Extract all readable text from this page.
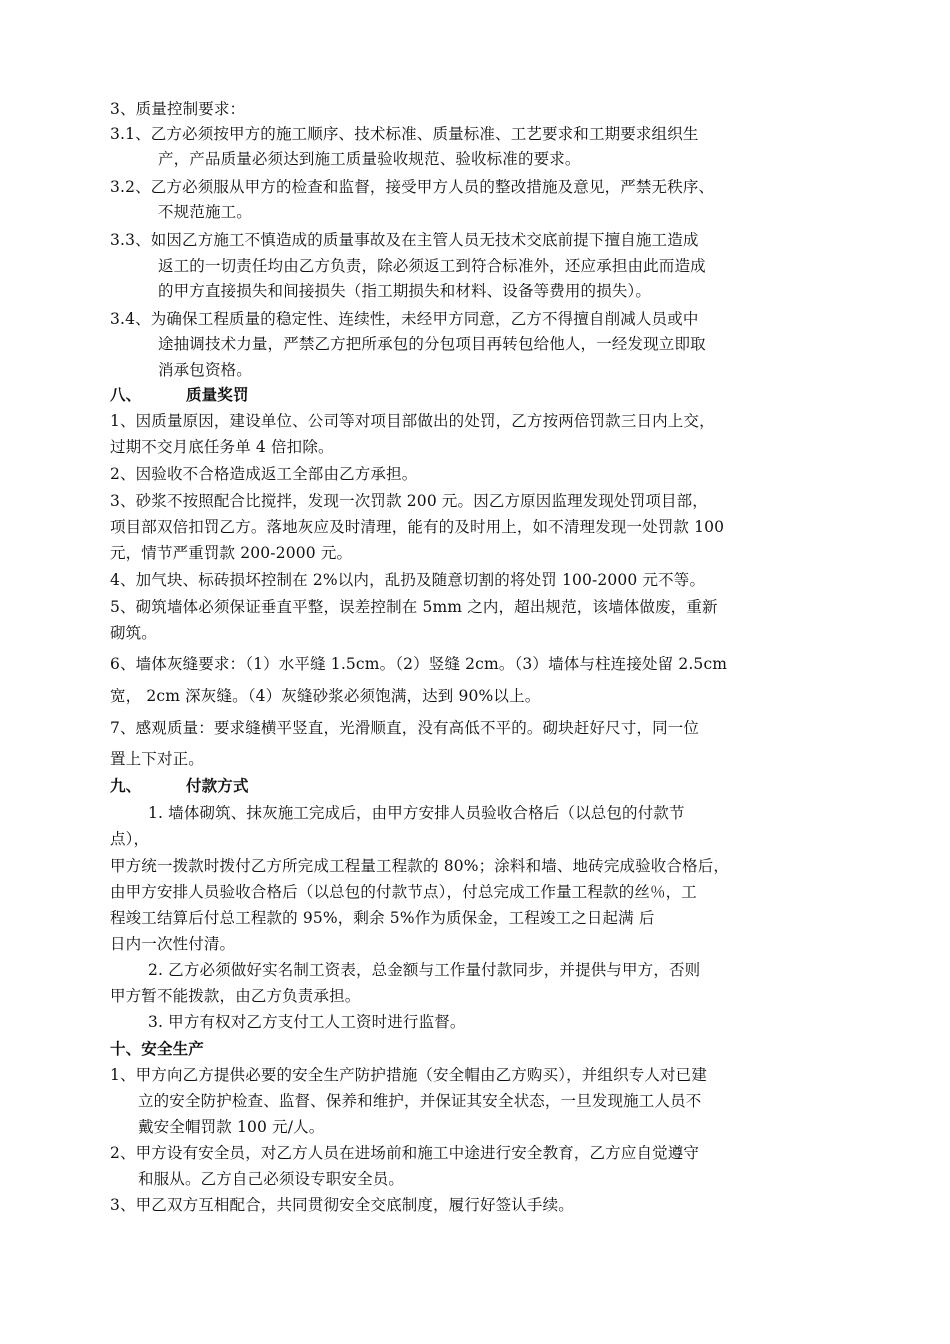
3、质量控制要求：
3.1、乙方必须按甲方的施工顺序、技术标准、质量标准、工艺要求和工期要求组织生
产，产品质量必须达到施工质量验收规范、验收标准的要求。
3.2、乙方必须服从甲方的检查和监督，接受甲方人员的整改措施及意见，严禁无秩序、
不规范施工。
3.3、如因乙方施工不慎造成的质量事故及在主管人员无技术交底前提下擅自施工造成
返工的一切责任均由乙方负责，除必须返工到符合标准外，还应承担由此而造成
的甲方直接损失和间接损失（指工期损失和材料、设备等费用的损失）。
3.4、为确保工程质量的稳定性、连续性，未经甲方同意，乙方不得擅自削减人员或中
途抽调技术力量，严禁乙方把所承包的分包项目再转包给他人，一经发现立即取
消承包资格。
八、	质量奖罚
1、因质量原因，建设单位、公司等对项目部做出的处罚，乙方按两倍罚款三日内上交，
过期不交月底任务单 4 倍扣除。
2、因验收不合格造成返工全部由乙方承担。
3、砂浆不按照配合比搅拌，发现一次罚款 200 元。因乙方原因监理发现处罚项目部，
项目部双倍扣罚乙方。落地灰应及时清理，能有的及时用上，如不清理发现一处罚款 100
元，情节严重罚款 200-2000 元。
4、加气块、标砖损坏控制在 2%以内，乱扔及随意切割的将处罚 100-2000 元不等。
5、砌筑墙体必须保证垂直平整，误差控制在 5mm 之内，超出规范，该墙体做废，重新
砌筑。
6、墙体灰缝要求：（1）水平缝 1.5cm。（2）竖缝 2cm。（3）墙体与柱连接处留 2.5cm
宽， 2cm 深灰缝。（4）灰缝砂浆必须饱满，达到 90%以上。
7、感观质量：要求缝横平竖直，光滑顺直，没有高低不平的。砌块赶好尺寸，同一位
置上下对正。
九、	付款方式
1. 墙体砌筑、抹灰施工完成后，由甲方安排人员验收合格后（以总包的付款节
点），
甲方统一拨款时拨付乙方所完成工程量工程款的 80%；涂料和墙、地砖完成验收合格后，
由甲方安排人员验收合格后（以总包的付款节点），付总完成工作量工程款的丝％，工
程竣工结算后付总工程款的 95%，剩余 5%作为质保金，工程竣工之日起满 后
日内一次性付清。
2. 乙方必须做好实名制工资表，总金额与工作量付款同步，并提供与甲方，否则
甲方暂不能拨款，由乙方负责承担。
3. 甲方有权对乙方支付工人工资时进行监督。
十、安全生产
1、甲方向乙方提供必要的安全生产防护措施（安全帽由乙方购买），并组织专人对已建
立的安全防护检查、监督、保养和维护，并保证其安全状态，一旦发现施工人员不
戴安全帽罚款 100 元/人。
2、甲方设有安全员，对乙方人员在进场前和施工中途进行安全教育，乙方应自觉遵守
和服从。乙方自己必须设专职安全员。
3、甲乙双方互相配合，共同贯彻安全交底制度，履行好签认手续。
